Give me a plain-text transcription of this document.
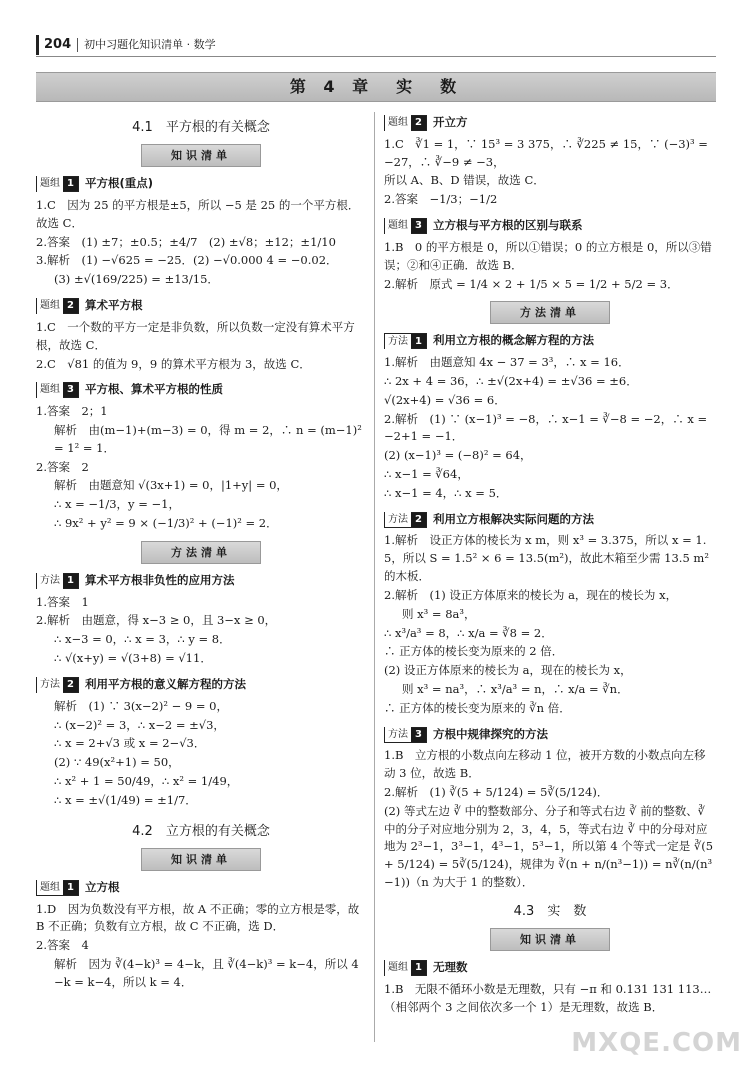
204 初中习题化知识清单 · 数学
第 4 章　实　数
4.1　平方根的有关概念
知识清单
题组 1 平方根(重点)
1.C　因为 25 的平方根是±5，所以 −5 是 25 的一个平方根．故选 C．
2.答案　(1) ±7；±0.5；±4/7　(2) ±√8；±12；±1/10
3.解析　(1) −√625 = −25．(2) −√0.000 4 = −0.02．
(3) ±√(169/225) = ±13/15．
题组 2 算术平方根
1.C　一个数的平方一定是非负数，所以负数一定没有算术平方根，故选 C．
2.C　√81 的值为 9，9 的算术平方根为 3，故选 C．
题组 3 平方根、算术平方根的性质
1.答案　2；1
解析　由(m−1)+(m−3) = 0，得 m = 2，∴ n = (m−1)² = 1² = 1．
2.答案　2
解析　由题意知 √(3x+1) = 0，|1+y| = 0，
∴ x = −1/3，y = −1，
∴ 9x² + y² = 9 × (−1/3)² + (−1)² = 2．
方法清单
方法 1 算术平方根非负性的应用方法
1.答案　1
2.解析　由题意，得 x−3 ≥ 0，且 3−x ≥ 0，
∴ x−3 = 0，∴ x = 3，∴ y = 8．
∴ √(x+y) = √(3+8) = √11．
方法 2 利用平方根的意义解方程的方法
解析　(1) ∵ 3(x−2)² − 9 = 0，
∴ (x−2)² = 3，∴ x−2 = ±√3，
∴ x = 2+√3 或 x = 2−√3．
(2) ∵ 49(x²+1) = 50，
∴ x² + 1 = 50/49，∴ x² = 1/49，
∴ x = ±√(1/49) = ±1/7．
4.2　立方根的有关概念
知识清单
题组 1 立方根
1.D　因为负数没有平方根，故 A 不正确；零的立方根是零，故 B 不正确；负数有立方根，故 C 不正确，选 D．
2.答案　4
解析　因为 ∛(4−k)³ = 4−k，且 ∛(4−k)³ = k−4，所以 4−k = k−4，所以 k = 4．
题组 2 开立方
1.C　∛1 = 1，∵ 15³ = 3 375，∴ ∛225 ≠ 15，∵ (−3)³ = −27，∴ ∛−9 ≠ −3，
所以 A、B、D 错误，故选 C．
2.答案　−1/3；−1/2
题组 3 立方根与平方根的区别与联系
1.B　0 的平方根是 0，所以①错误；0 的立方根是 0，所以③错误；②和④正确．故选 B．
2.解析　原式 = 1/4 × 2 + 1/5 × 5 = 1/2 + 5/2 = 3．
方法清单
方法 1 利用立方根的概念解方程的方法
1.解析　由题意知 4x − 37 = 3³，∴ x = 16．
∴ 2x + 4 = 36，∴ ±√(2x+4) = ±√36 = ±6．
√(2x+4) = √36 = 6．
2.解析　(1) ∵ (x−1)³ = −8，∴ x−1 = ∛−8 = −2，∴ x = −2+1 = −1．
(2) (x−1)³ = (−8)² = 64，
∴ x−1 = ∛64，
∴ x−1 = 4，∴ x = 5．
方法 2 利用立方根解决实际问题的方法
1.解析　设正方体的棱长为 x m，则 x³ = 3.375，所以 x = 1.5，所以 S = 1.5² × 6 = 13.5(m²)，故此木箱至少需 13.5 m² 的木板．
2.解析　(1) 设正方体原来的棱长为 a，现在的棱长为 x，
则 x³ = 8a³，
∴ x³/a³ = 8，∴ x/a = ∛8 = 2．
∴ 正方体的棱长变为原来的 2 倍．
(2) 设正方体原来的棱长为 a，现在的棱长为 x，
则 x³ = na³，∴ x³/a³ = n，∴ x/a = ∛n．
∴ 正方体的棱长变为原来的 ∛n 倍．
方法 3 方根中规律探究的方法
1.B　立方根的小数点向左移动 1 位，被开方数的小数点向左移动 3 位，故选 B．
2.解析　(1) ∛(5 + 5/124) = 5∛(5/124)．
(2) 等式左边 ∛ 中的整数部分、分子和等式右边 ∛ 前的整数、∛ 中的分子对应地分别为 2，3，4，5，等式右边 ∛ 中的分母对应地为 2³−1，3³−1，4³−1，5³−1，所以第 4 个等式一定是 ∛(5 + 5/124) = 5∛(5/124)，规律为 ∛(n + n/(n³−1)) = n∛(n/(n³−1))（n 为大于 1 的整数）．
4.3　实　数
知识清单
题组 1 无理数
1.B　无限不循环小数是无理数，只有 −π 和 0.131 131 113…（相邻两个 3 之间依次多一个 1）是无理数，故选 B．
MXQE.COM
